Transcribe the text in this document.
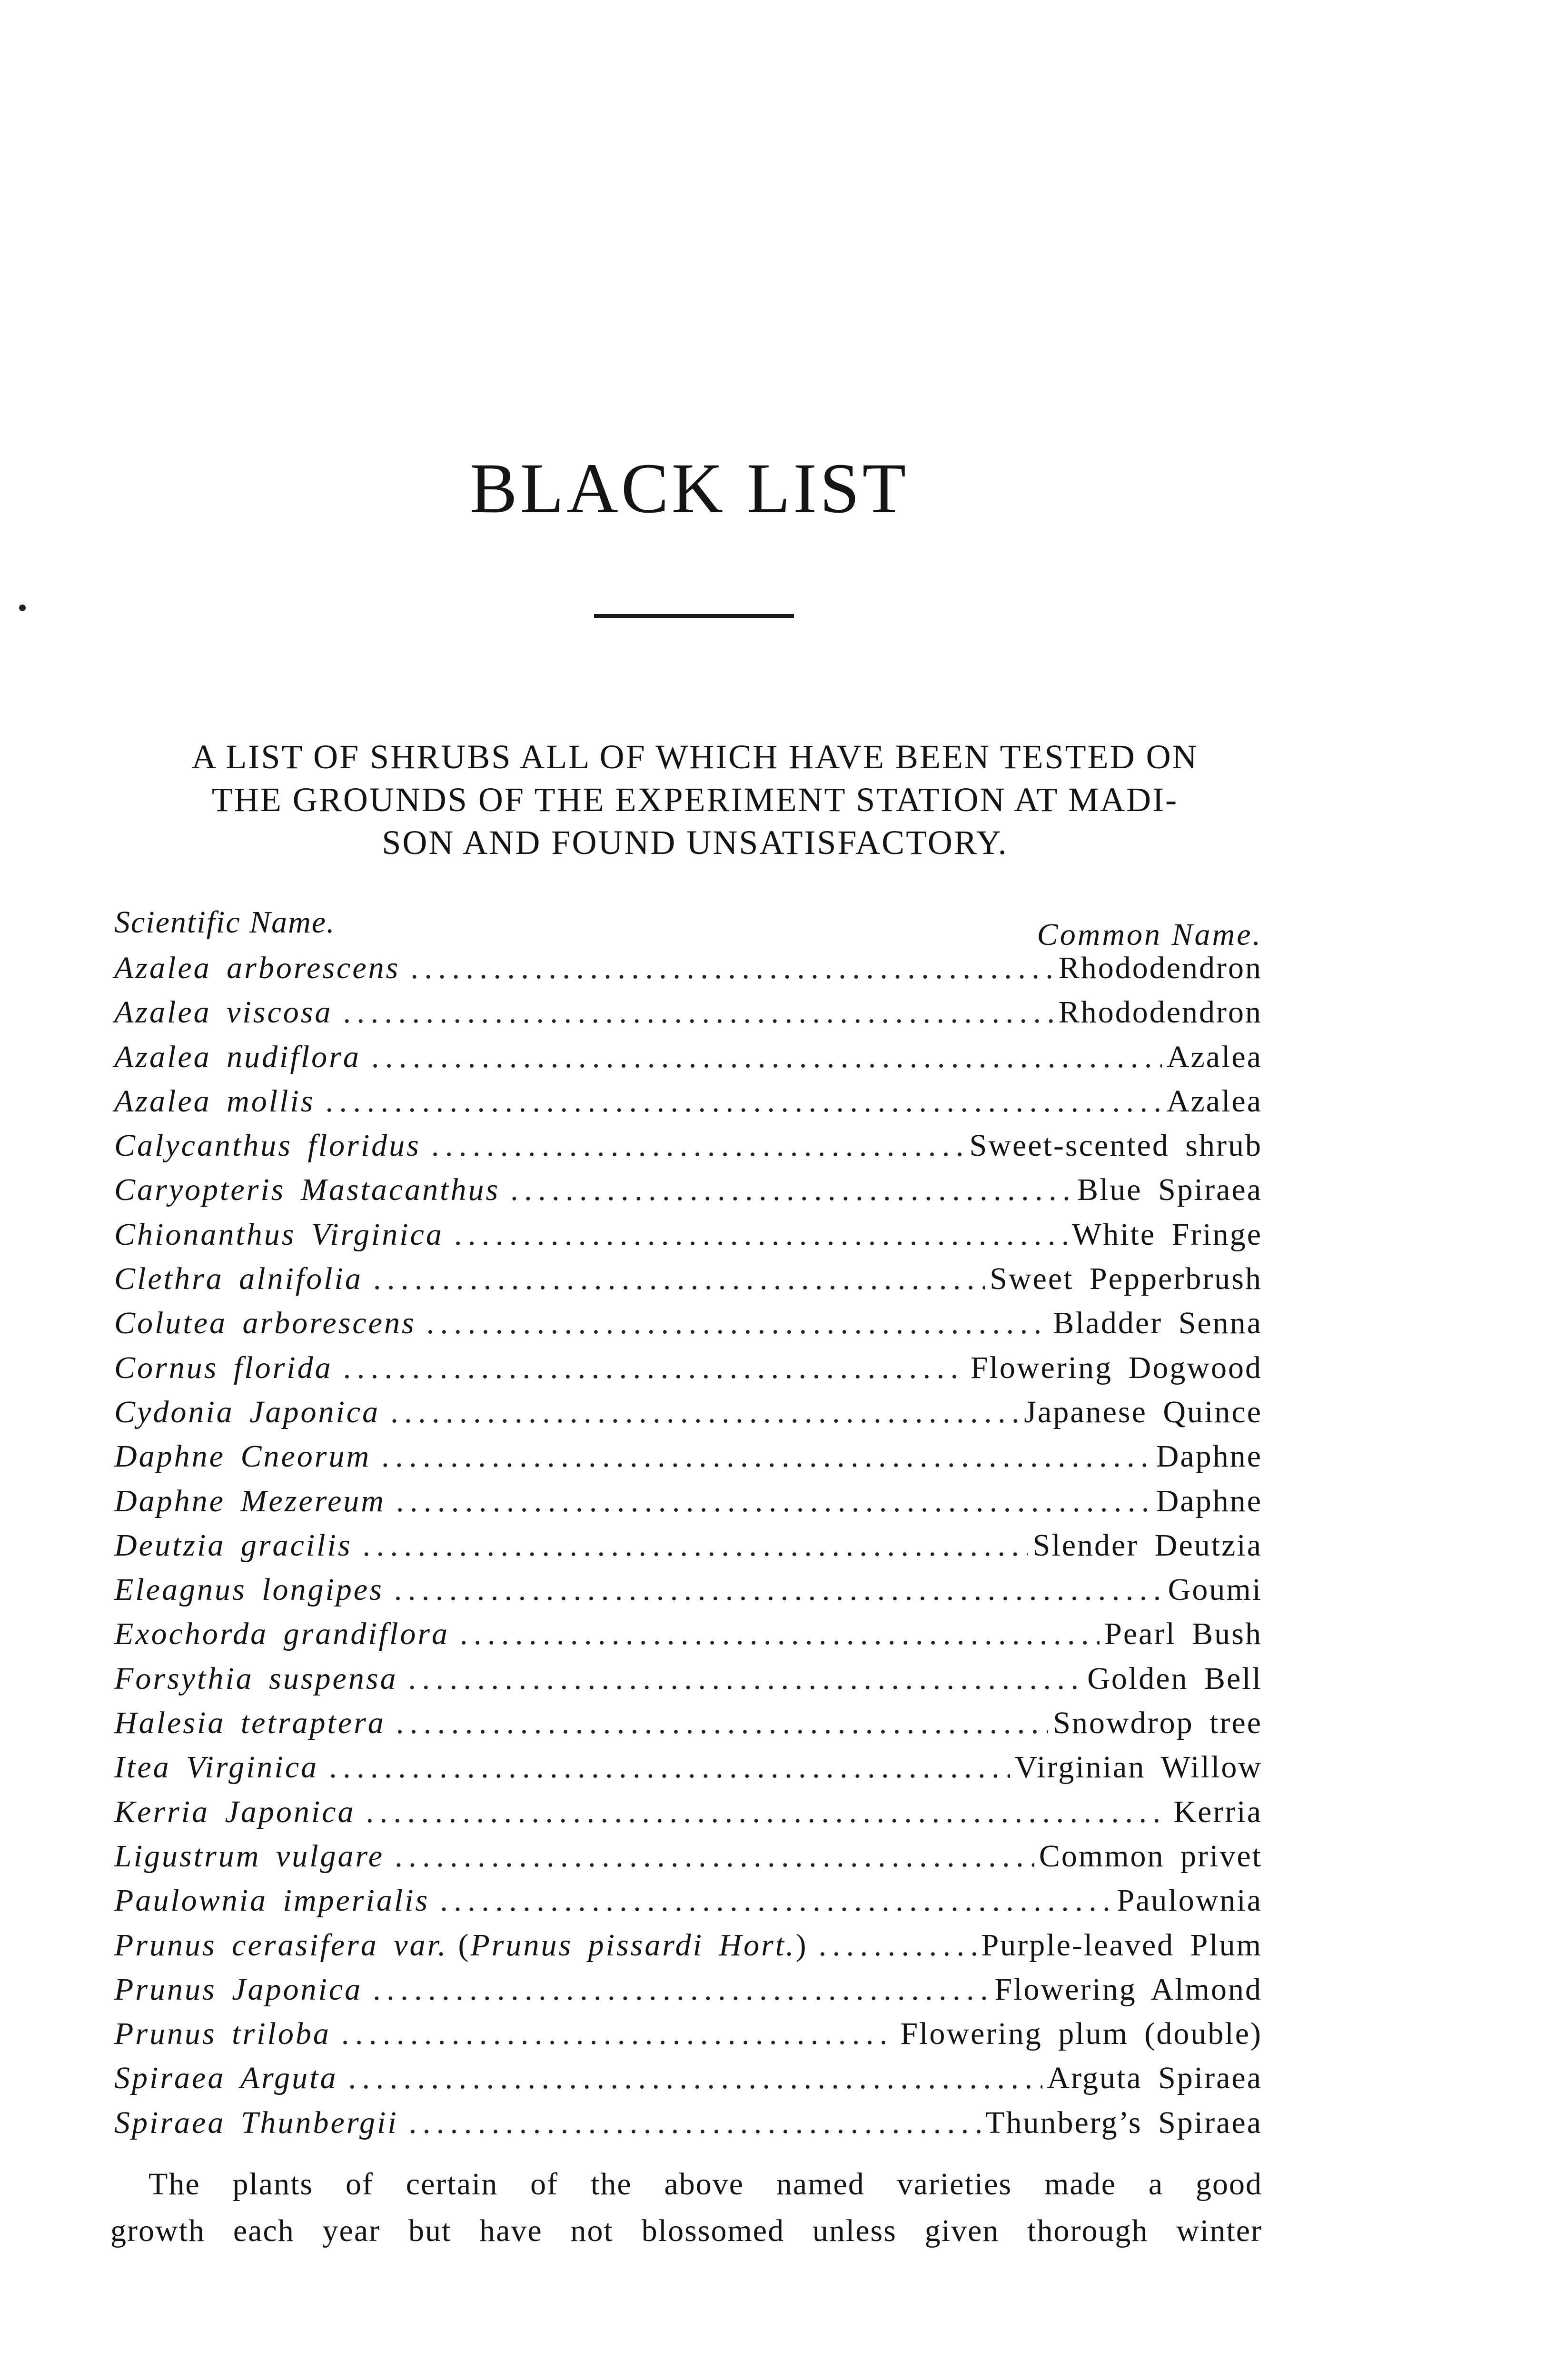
BLACK LIST

A LIST OF SHRUBS ALL OF WHICH HAVE BEEN TESTED ON
THE GROUNDS OF THE EXPERIMENT STATION AT MADI-
SON AND FOUND UNSATISFACTORY.

Scientific Name.	Common Name.
Azalea arborescens . . .	Rhododendron
Azalea viscosa . . .	Rhododendron
Azalea nudiflora . . .	Azalea
Azalea mollis . . .	Azalea
Calycanthus floridus . . .	Sweet-scented shrub
Caryopteris Mastacanthus . . .	Blue Spiraea
Chionanthus Virginica . . .	White Fringe
Clethra alnifolia . . .	Sweet Pepperbrush
Colutea arborescens . . .	Bladder Senna
Cornus florida . . .	Flowering Dogwood
Cydonia Japonica . . .	Japanese Quince
Daphne Cneorum . . .	Daphne
Daphne Mezereum . . .	Daphne
Deutzia gracilis . . .	Slender Deutzia
Eleagnus longipes . . .	Goumi
Exochorda grandiflora . . .	Pearl Bush
Forsythia suspensa . . .	Golden Bell
Halesia tetraptera . . .	Snowdrop tree
Itea Virginica . . .	Virginian Willow
Kerria Japonica . . .	Kerria
Ligustrum vulgare . . .	Common privet
Paulownia imperialis . . .	Paulownia
Prunus cerasifera var. (Prunus pissardi Hort.) . . .	Purple-leaved Plum
Prunus Japonica . . .	Flowering Almond
Prunus triloba . . .	Flowering plum (double)
Spiraea Arguta . . .	Arguta Spiraea
Spiraea Thunbergii . . .	Thunberg’s Spiraea

The plants of certain of the above named varieties made a good
growth each year but have not blossomed unless given thorough winter
